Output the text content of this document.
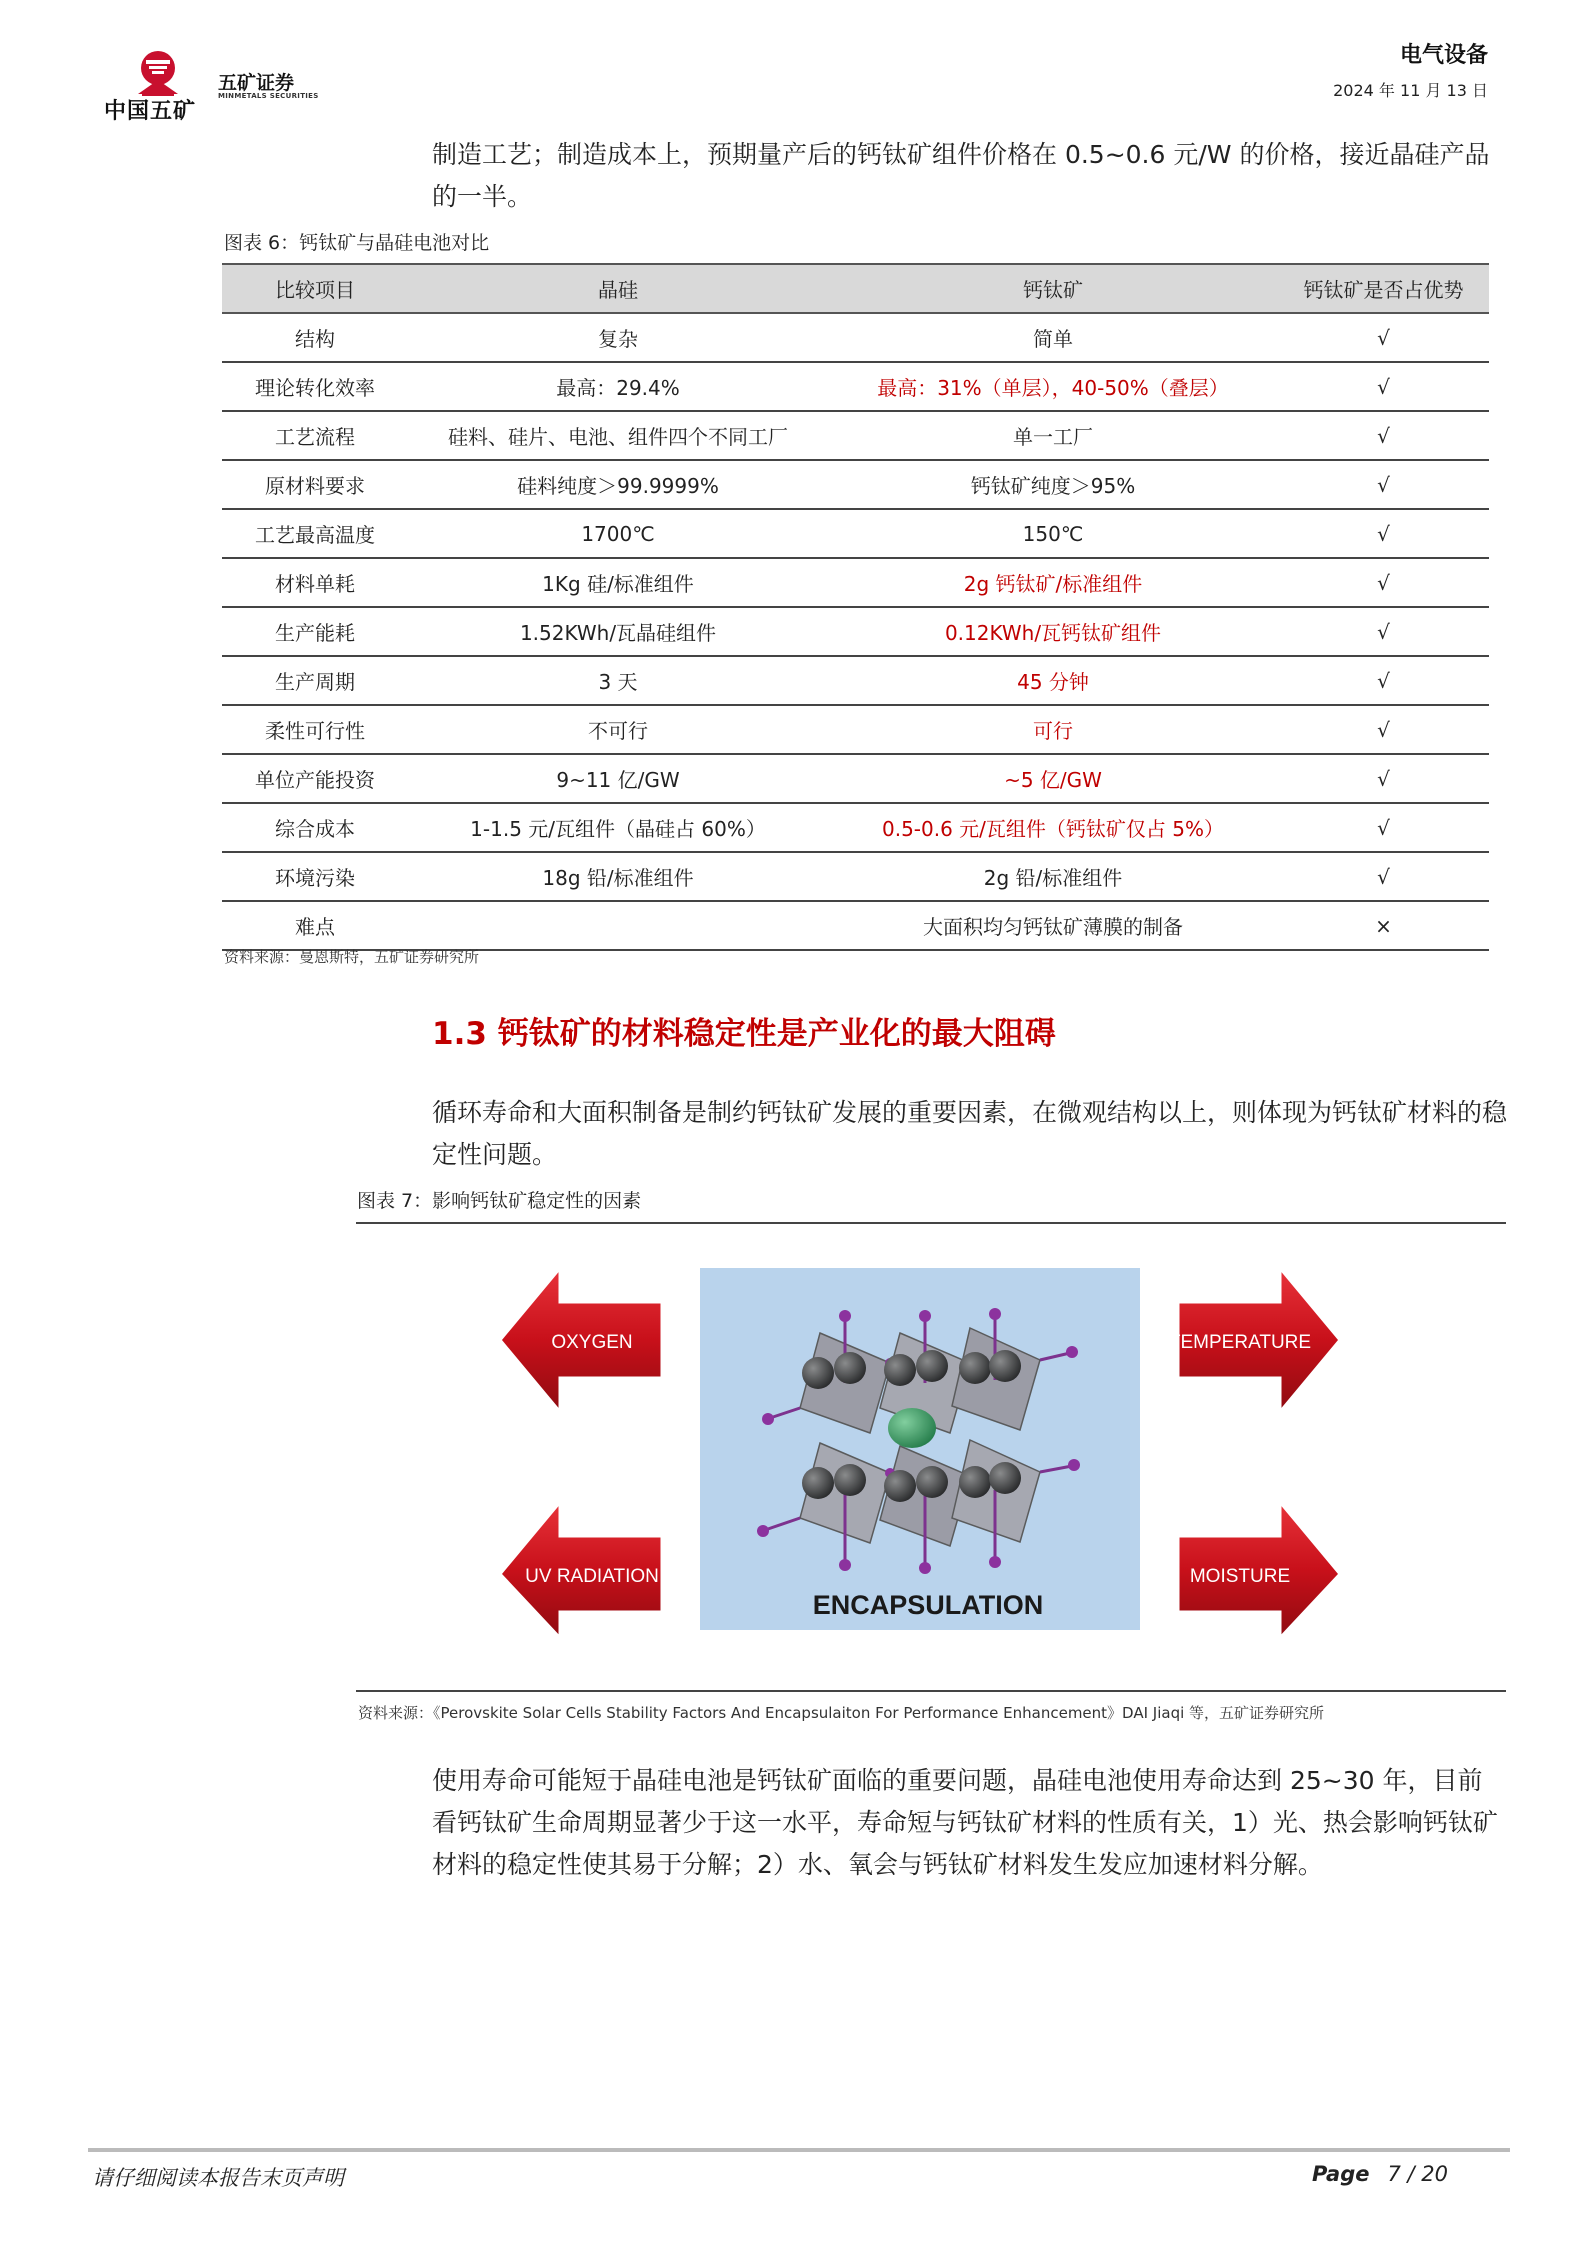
中国五矿
五矿证券
MINMETALS SECURITIES
电气设备
2024 年 11 月 13 日
制造工艺；制造成本上，预期量产后的钙钛矿组件价格在 0.5~0.6 元/W 的价格，接近晶硅产品的一半。
图表 6：钙钛矿与晶硅电池对比
比较项目	晶硅	钙钛矿	钙钛矿是否占优势
结构	复杂	简单	√
理论转化效率	最高：29.4%	最高：31%（单层），40-50%（叠层）	√
工艺流程	硅料、硅片、电池、组件四个不同工厂	单一工厂	√
原材料要求	硅料纯度＞99.9999%	钙钛矿纯度＞95%	√
工艺最高温度	1700℃	150℃	√
材料单耗	1Kg 硅/标准组件	2g 钙钛矿/标准组件	√
生产能耗	1.52KWh/瓦晶硅组件	0.12KWh/瓦钙钛矿组件	√
生产周期	3 天	45 分钟	√
柔性可行性	不可行	可行	√
单位产能投资	9~11 亿/GW	~5 亿/GW	√
综合成本	1-1.5 元/瓦组件（晶硅占 60%）	0.5-0.6 元/瓦组件（钙钛矿仅占 5%）	√
环境污染	18g 铅/标准组件	2g 铅/标准组件	√
难点		大面积均匀钙钛矿薄膜的制备	×
资料来源：曼恩斯特，五矿证券研究所
1.3 钙钛矿的材料稳定性是产业化的最大阻碍
循环寿命和大面积制备是制约钙钛矿发展的重要因素，在微观结构以上，则体现为钙钛矿材料的稳定性问题。
图表 7：影响钙钛矿稳定性的因素
OXYGEN	TEMPERATURE
UV RADIATION	MOISTURE
ENCAPSULATION
资料来源：《Perovskite Solar Cells Stability Factors And Encapsulaiton For Performance Enhancement》DAI Jiaqi 等，五矿证券研究所
使用寿命可能短于晶硅电池是钙钛矿面临的重要问题，晶硅电池使用寿命达到 25~30 年，目前看钙钛矿生命周期显著少于这一水平，寿命短与钙钛矿材料的性质有关，1）光、热会影响钙钛矿材料的稳定性使其易于分解；2）水、氧会与钙钛矿材料发生发应加速材料分解。
请仔细阅读本报告末页声明	Page 7 / 20
